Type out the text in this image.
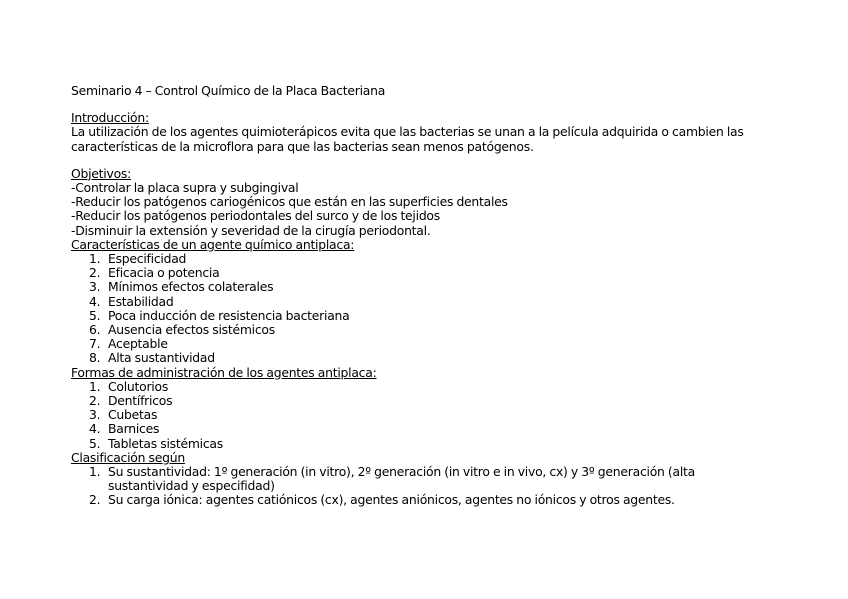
Seminario 4 – Control Químico de la Placa Bacteriana
Introducción:

La utilización de los agentes quimioterápicos evita que las bacterias se unan a la película adquirida o cambien las características de la microflora para que las bacterias sean menos patógenos.

Objetivos:

-Controlar la placa supra y subgingival

-Reducir los patógenos cariogénicos que están en las superficies dentales

-Reducir los patógenos periodontales del surco y de los tejidos

-Disminuir la extensión y severidad de la cirugía periodontal.

Características de un agente químico antiplaca:
1. Especificidad
2. Eficacia o potencia
3. Mínimos efectos colaterales
4. Estabilidad
5. Poca inducción de resistencia bacteriana
6. Ausencia efectos sistémicos
7. Aceptable
8. Alta sustantividad
Formas de administración de los agentes antiplaca:
1. Colutorios
2. Dentífricos
3. Cubetas
4. Barnices
5. Tabletas sistémicas
Clasificación según
1. Su sustantividad: 1º generación (in vitro), 2º generación (in vitro e in vivo, cx) y 3º generación (alta sustantividad y especifidad)
2. Su carga iónica: agentes catiónicos (cx), agentes aniónicos, agentes no iónicos y otros agentes.
